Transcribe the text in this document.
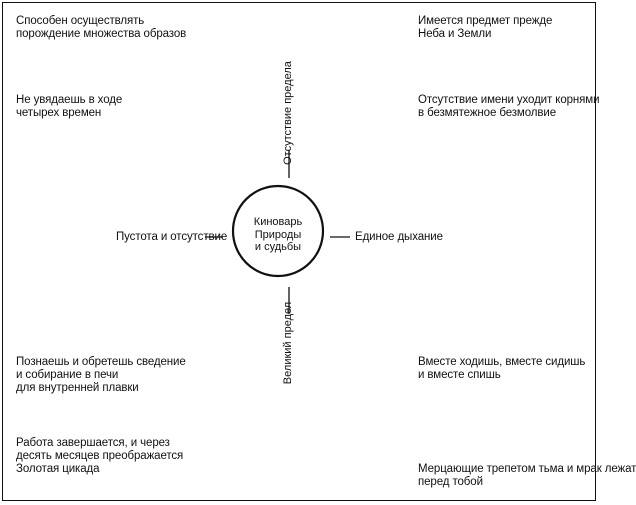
Киноварь
Природы
и судьбы
Отсутствие предела
Великий предел
Пустота и отсутствие	Единое дыхание
Способен осуществлять
порождение множества образов
Не увядаешь в ходе
четырех времен
Познаешь и обретешь сведение
и собирание в печи
для внутренней плавки
Работа завершается, и через
десять месяцев преображается
Золотая цикада
Имеется предмет прежде
Неба и Земли
Отсутствие имени уходит корнями
в безмятежное безмолвие
Вместе ходишь, вместе сидишь
и вместе спишь
Мерцающие трепетом тьма и мрак лежат
перед тобой
